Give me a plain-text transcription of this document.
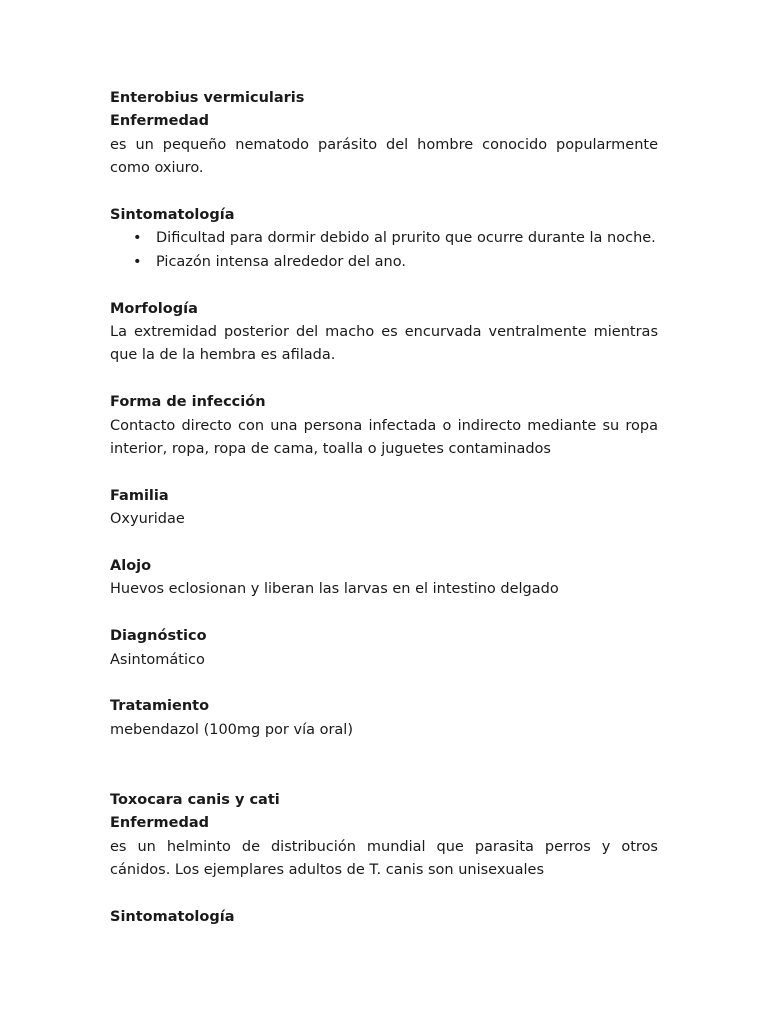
Enterobius vermicularis

Enfermedad

es un pequeño nematodo parásito del hombre conocido popularmente como oxiuro.

Sintomatología

• Dificultad para dormir debido al prurito que ocurre durante la noche.
• Picazón intensa alrededor del ano.

Morfología

La extremidad posterior del macho es encurvada ventralmente mientras que la de la hembra es afilada.

Forma de infección

Contacto directo con una persona infectada o indirecto mediante su ropa interior, ropa, ropa de cama, toalla o juguetes contaminados

Familia

Oxyuridae

Alojo

Huevos eclosionan y liberan las larvas en el intestino delgado

Diagnóstico

Asintomático

Tratamiento

mebendazol (100mg por vía oral)

Toxocara canis y cati

Enfermedad

es un helminto de distribución mundial que parasita perros y otros cánidos. Los ejemplares adultos de T. canis son unisexuales

Sintomatología
